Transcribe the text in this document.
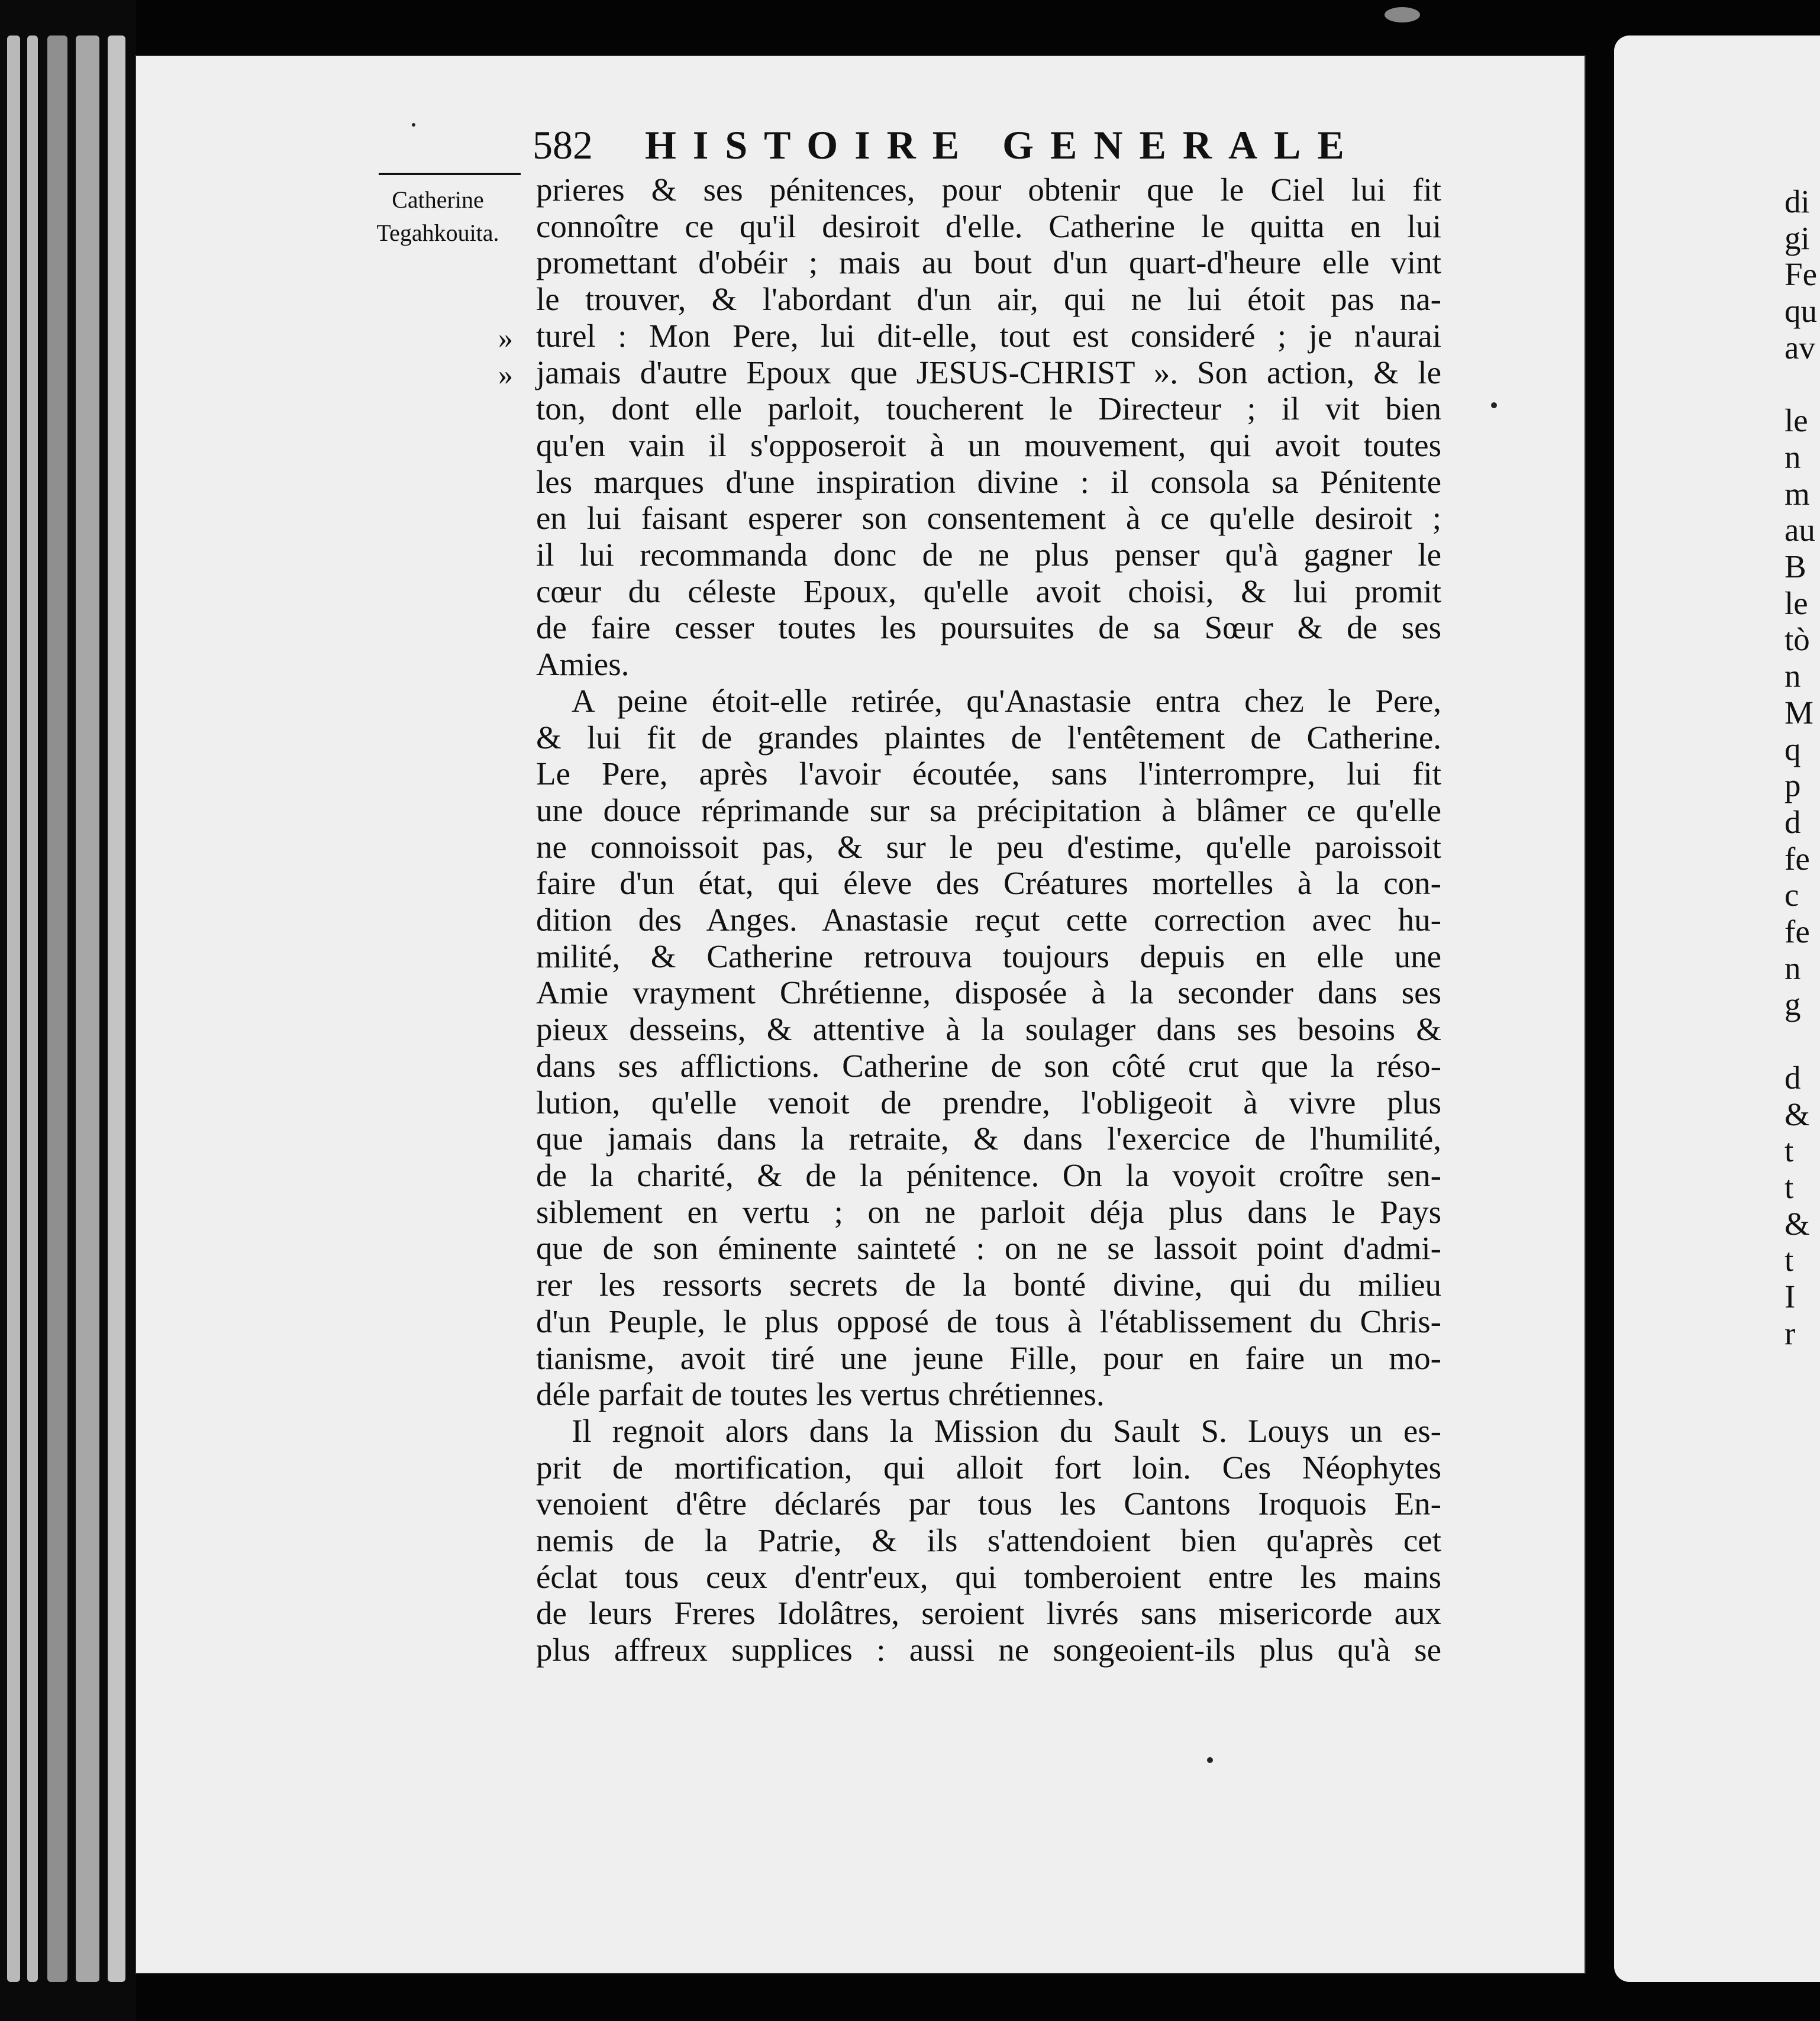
582 HISTOIRE GENERALE
Catherine
Tegahkouita.
»
»
prieres & ses pénitences, pour obtenir que le Ciel lui fit
connoître ce qu'il desiroit d'elle. Catherine le quitta en lui
promettant d'obéir ; mais au bout d'un quart-d'heure elle vint
le trouver, & l'abordant d'un air, qui ne lui étoit pas na-
turel : Mon Pere, lui dit-elle, tout est consideré ; je n'aurai
jamais d'autre Epoux que JESUS-CHRIST ». Son action, & le
ton, dont elle parloit, toucherent le Directeur ; il vit bien
qu'en vain il s'opposeroit à un mouvement, qui avoit toutes
les marques d'une inspiration divine : il consola sa Pénitente
en lui faisant esperer son consentement à ce qu'elle desiroit ;
il lui recommanda donc de ne plus penser qu'à gagner le
cœur du céleste Epoux, qu'elle avoit choisi, & lui promit
de faire cesser toutes les poursuites de sa Sœur & de ses
Amies.
A peine étoit-elle retirée, qu'Anastasie entra chez le Pere,
& lui fit de grandes plaintes de l'entêtement de Catherine.
Le Pere, après l'avoir écoutée, sans l'interrompre, lui fit
une douce réprimande sur sa précipitation à blâmer ce qu'elle
ne connoissoit pas, & sur le peu d'estime, qu'elle paroissoit
faire d'un état, qui éleve des Créatures mortelles à la con-
dition des Anges. Anastasie reçut cette correction avec hu-
milité, & Catherine retrouva toujours depuis en elle une
Amie vrayment Chrétienne, disposée à la seconder dans ses
pieux desseins, & attentive à la soulager dans ses besoins &
dans ses afflictions. Catherine de son côté crut que la réso-
lution, qu'elle venoit de prendre, l'obligeoit à vivre plus
que jamais dans la retraite, & dans l'exercice de l'humilité,
de la charité, & de la pénitence. On la voyoit croître sen-
siblement en vertu ; on ne parloit déja plus dans le Pays
que de son éminente sainteté : on ne se lassoit point d'admi-
rer les ressorts secrets de la bonté divine, qui du milieu
d'un Peuple, le plus opposé de tous à l'établissement du Chris-
tianisme, avoit tiré une jeune Fille, pour en faire un mo-
déle parfait de toutes les vertus chrétiennes.
Il regnoit alors dans la Mission du Sault S. Louys un es-
prit de mortification, qui alloit fort loin. Ces Néophytes
venoient d'être déclarés par tous les Cantons Iroquois En-
nemis de la Patrie, & ils s'attendoient bien qu'après cet
éclat tous ceux d'entr'eux, qui tomberoient entre les mains
de leurs Freres Idolâtres, seroient livrés sans misericorde aux
plus affreux supplices : aussi ne songeoient-ils plus qu'à se
di
gi
Fe
qu
av

le
n
m
au
B
le
tò
n
M
q
p
d
fe
c
fe
n
g

d
&
t
t
&
t
I
r
